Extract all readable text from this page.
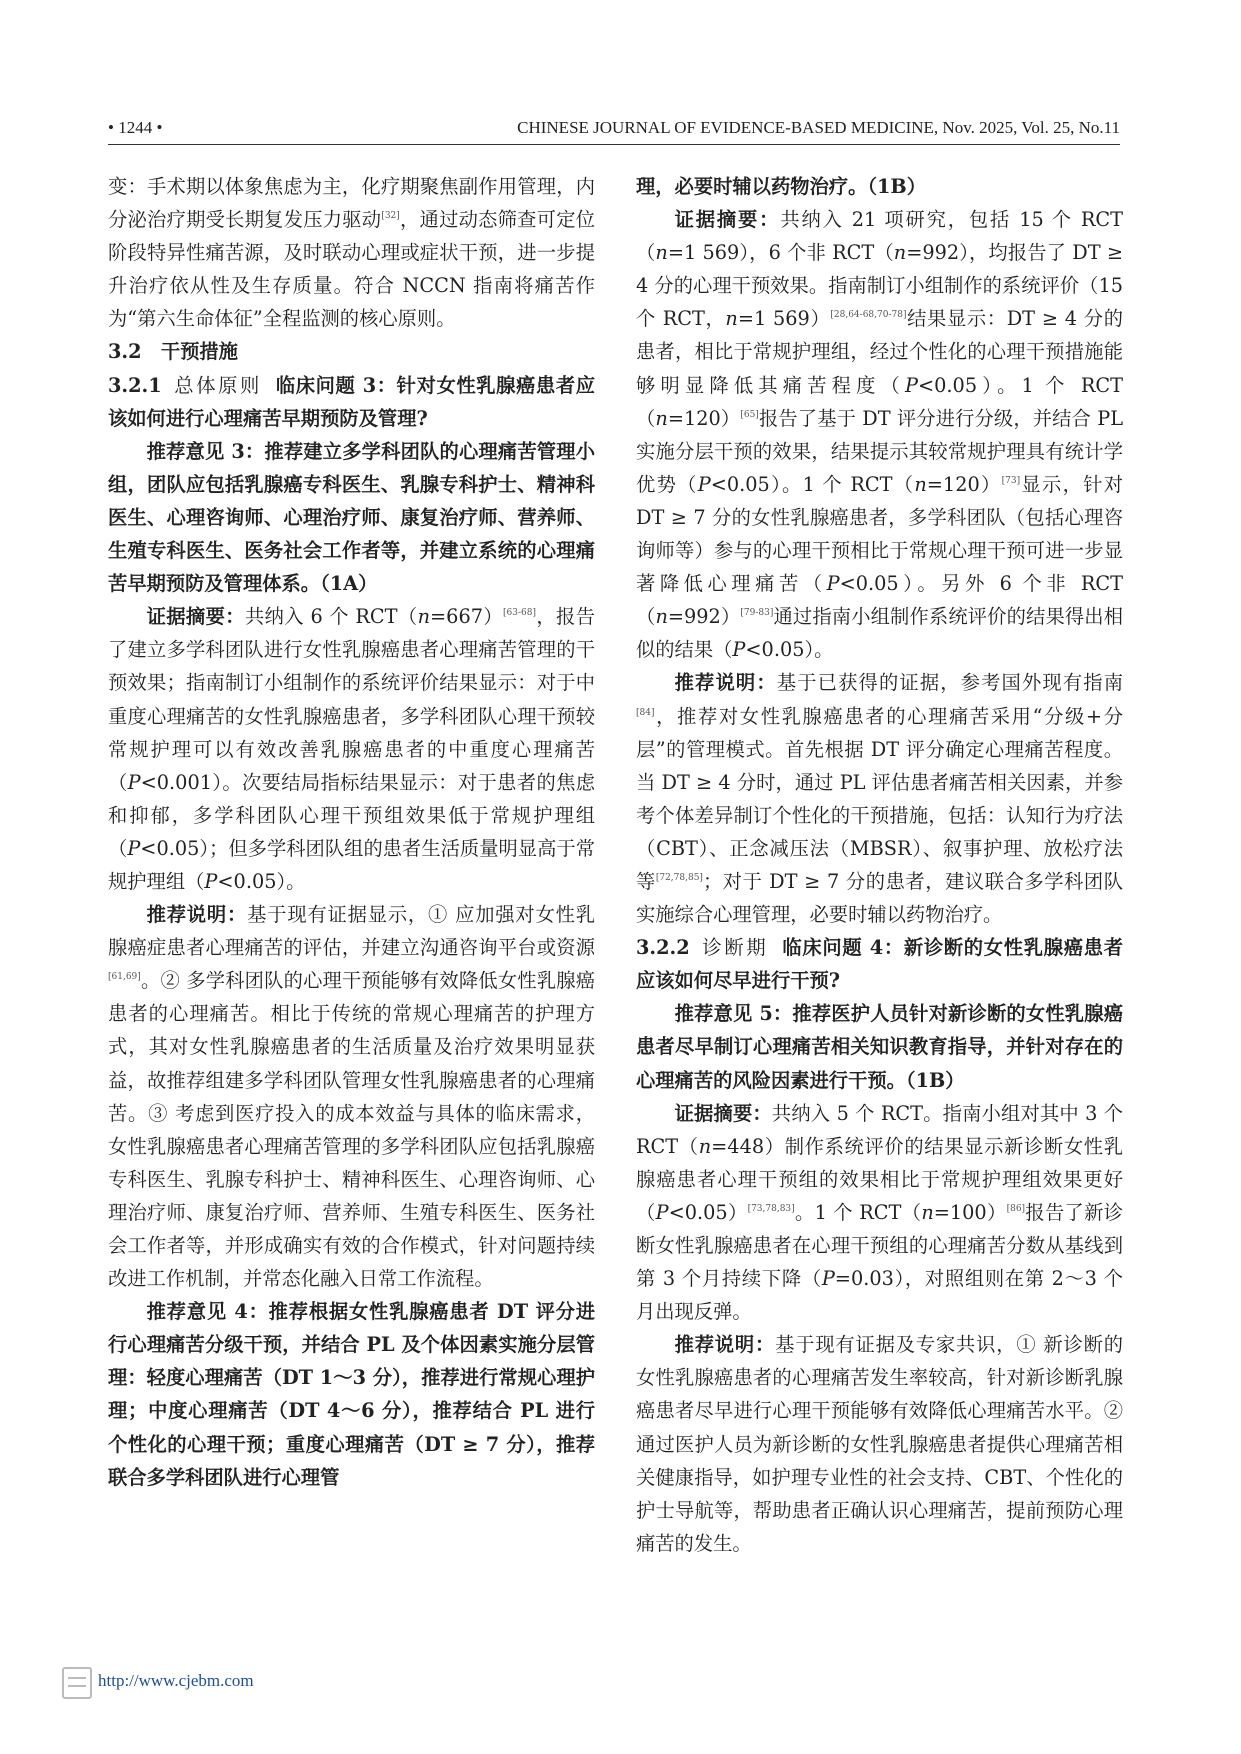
• 1244 •	CHINESE JOURNAL OF EVIDENCE-BASED MEDICINE, Nov. 2025, Vol. 25, No.11

变：手术期以体象焦虑为主，化疗期聚焦副作用管理，内分泌治疗期受长期复发压力驱动[32]，通过动态筛查可定位阶段特异性痛苦源，及时联动心理或症状干预，进一步提升治疗依从性及生存质量。符合 NCCN 指南将痛苦作为“第六生命体征”全程监测的核心原则。

3.2　干预措施

3.2.1 总体原则 临床问题 3：针对女性乳腺癌患者应该如何进行心理痛苦早期预防及管理?

推荐意见 3：推荐建立多学科团队的心理痛苦管理小组，团队应包括乳腺癌专科医生、乳腺专科护士、精神科医生、心理咨询师、心理治疗师、康复治疗师、营养师、生殖专科医生、医务社会工作者等，并建立系统的心理痛苦早期预防及管理体系。（1A）

证据摘要：共纳入 6 个 RCT（n=667）[63-68]，报告了建立多学科团队进行女性乳腺癌患者心理痛苦管理的干预效果；指南制订小组制作的系统评价结果显示：对于中重度心理痛苦的女性乳腺癌患者，多学科团队心理干预较常规护理可以有效改善乳腺癌患者的中重度心理痛苦（P<0.001）。次要结局指标结果显示：对于患者的焦虑和抑郁，多学科团队心理干预组效果低于常规护理组（P<0.05）；但多学科团队组的患者生活质量明显高于常规护理组（P<0.05）。

推荐说明：基于现有证据显示，① 应加强对女性乳腺癌症患者心理痛苦的评估，并建立沟通咨询平台或资源[61,69]。② 多学科团队的心理干预能够有效降低女性乳腺癌患者的心理痛苦。相比于传统的常规心理痛苦的护理方式，其对女性乳腺癌患者的生活质量及治疗效果明显获益，故推荐组建多学科团队管理女性乳腺癌患者的心理痛苦。③ 考虑到医疗投入的成本效益与具体的临床需求，女性乳腺癌患者心理痛苦管理的多学科团队应包括乳腺癌专科医生、乳腺专科护士、精神科医生、心理咨询师、心理治疗师、康复治疗师、营养师、生殖专科医生、医务社会工作者等，并形成确实有效的合作模式，针对问题持续改进工作机制，并常态化融入日常工作流程。

推荐意见 4：推荐根据女性乳腺癌患者 DT 评分进行心理痛苦分级干预，并结合 PL 及个体因素实施分层管理：轻度心理痛苦（DT 1～3 分），推荐进行常规心理护理；中度心理痛苦（DT 4～6 分），推荐结合 PL 进行个性化的心理干预；重度心理痛苦（DT ≥ 7 分），推荐联合多学科团队进行心理管

理，必要时辅以药物治疗。（1B）

证据摘要：共纳入 21 项研究，包括 15 个 RCT（n=1 569），6 个非 RCT（n=992），均报告了 DT ≥ 4 分的心理干预效果。指南制订小组制作的系统评价（15 个 RCT，n=1 569）[28,64-68,70-78]结果显示：DT ≥ 4 分的患者，相比于常规护理组，经过个性化的心理干预措施能够明显降低其痛苦程度（P<0.05）。1 个 RCT（n=120）[65]报告了基于 DT 评分进行分级，并结合 PL 实施分层干预的效果，结果提示其较常规护理具有统计学优势（P<0.05）。1 个 RCT（n=120）[73]显示，针对 DT ≥ 7 分的女性乳腺癌患者，多学科团队（包括心理咨询师等）参与的心理干预相比于常规心理干预可进一步显著降低心理痛苦（P<0.05）。另外 6 个非 RCT（n=992）[79-83]通过指南小组制作系统评价的结果得出相似的结果（P<0.05）。

推荐说明：基于已获得的证据，参考国外现有指南[84]，推荐对女性乳腺癌患者的心理痛苦采用“分级+分层”的管理模式。首先根据 DT 评分确定心理痛苦程度。当 DT ≥ 4 分时，通过 PL 评估患者痛苦相关因素，并参考个体差异制订个性化的干预措施，包括：认知行为疗法（CBT）、正念减压法（MBSR）、叙事护理、放松疗法等[72,78,85]；对于 DT ≥ 7 分的患者，建议联合多学科团队实施综合心理管理，必要时辅以药物治疗。

3.2.2 诊断期 临床问题 4：新诊断的女性乳腺癌患者应该如何尽早进行干预?

推荐意见 5：推荐医护人员针对新诊断的女性乳腺癌患者尽早制订心理痛苦相关知识教育指导，并针对存在的心理痛苦的风险因素进行干预。（1B）

证据摘要：共纳入 5 个 RCT。指南小组对其中 3 个 RCT（n=448）制作系统评价的结果显示新诊断女性乳腺癌患者心理干预组的效果相比于常规护理组效果更好（P<0.05）[73,78,83]。1 个 RCT（n=100）[86]报告了新诊断女性乳腺癌患者在心理干预组的心理痛苦分数从基线到第 3 个月持续下降（P=0.03），对照组则在第 2～3 个月出现反弹。

推荐说明：基于现有证据及专家共识，① 新诊断的女性乳腺癌患者的心理痛苦发生率较高，针对新诊断乳腺癌患者尽早进行心理干预能够有效降低心理痛苦水平。② 通过医护人员为新诊断的女性乳腺癌患者提供心理痛苦相关健康指导，如护理专业性的社会支持、CBT、个性化的护士导航等，帮助患者正确认识心理痛苦，提前预防心理痛苦的发生。

http://www.cjebm.com
